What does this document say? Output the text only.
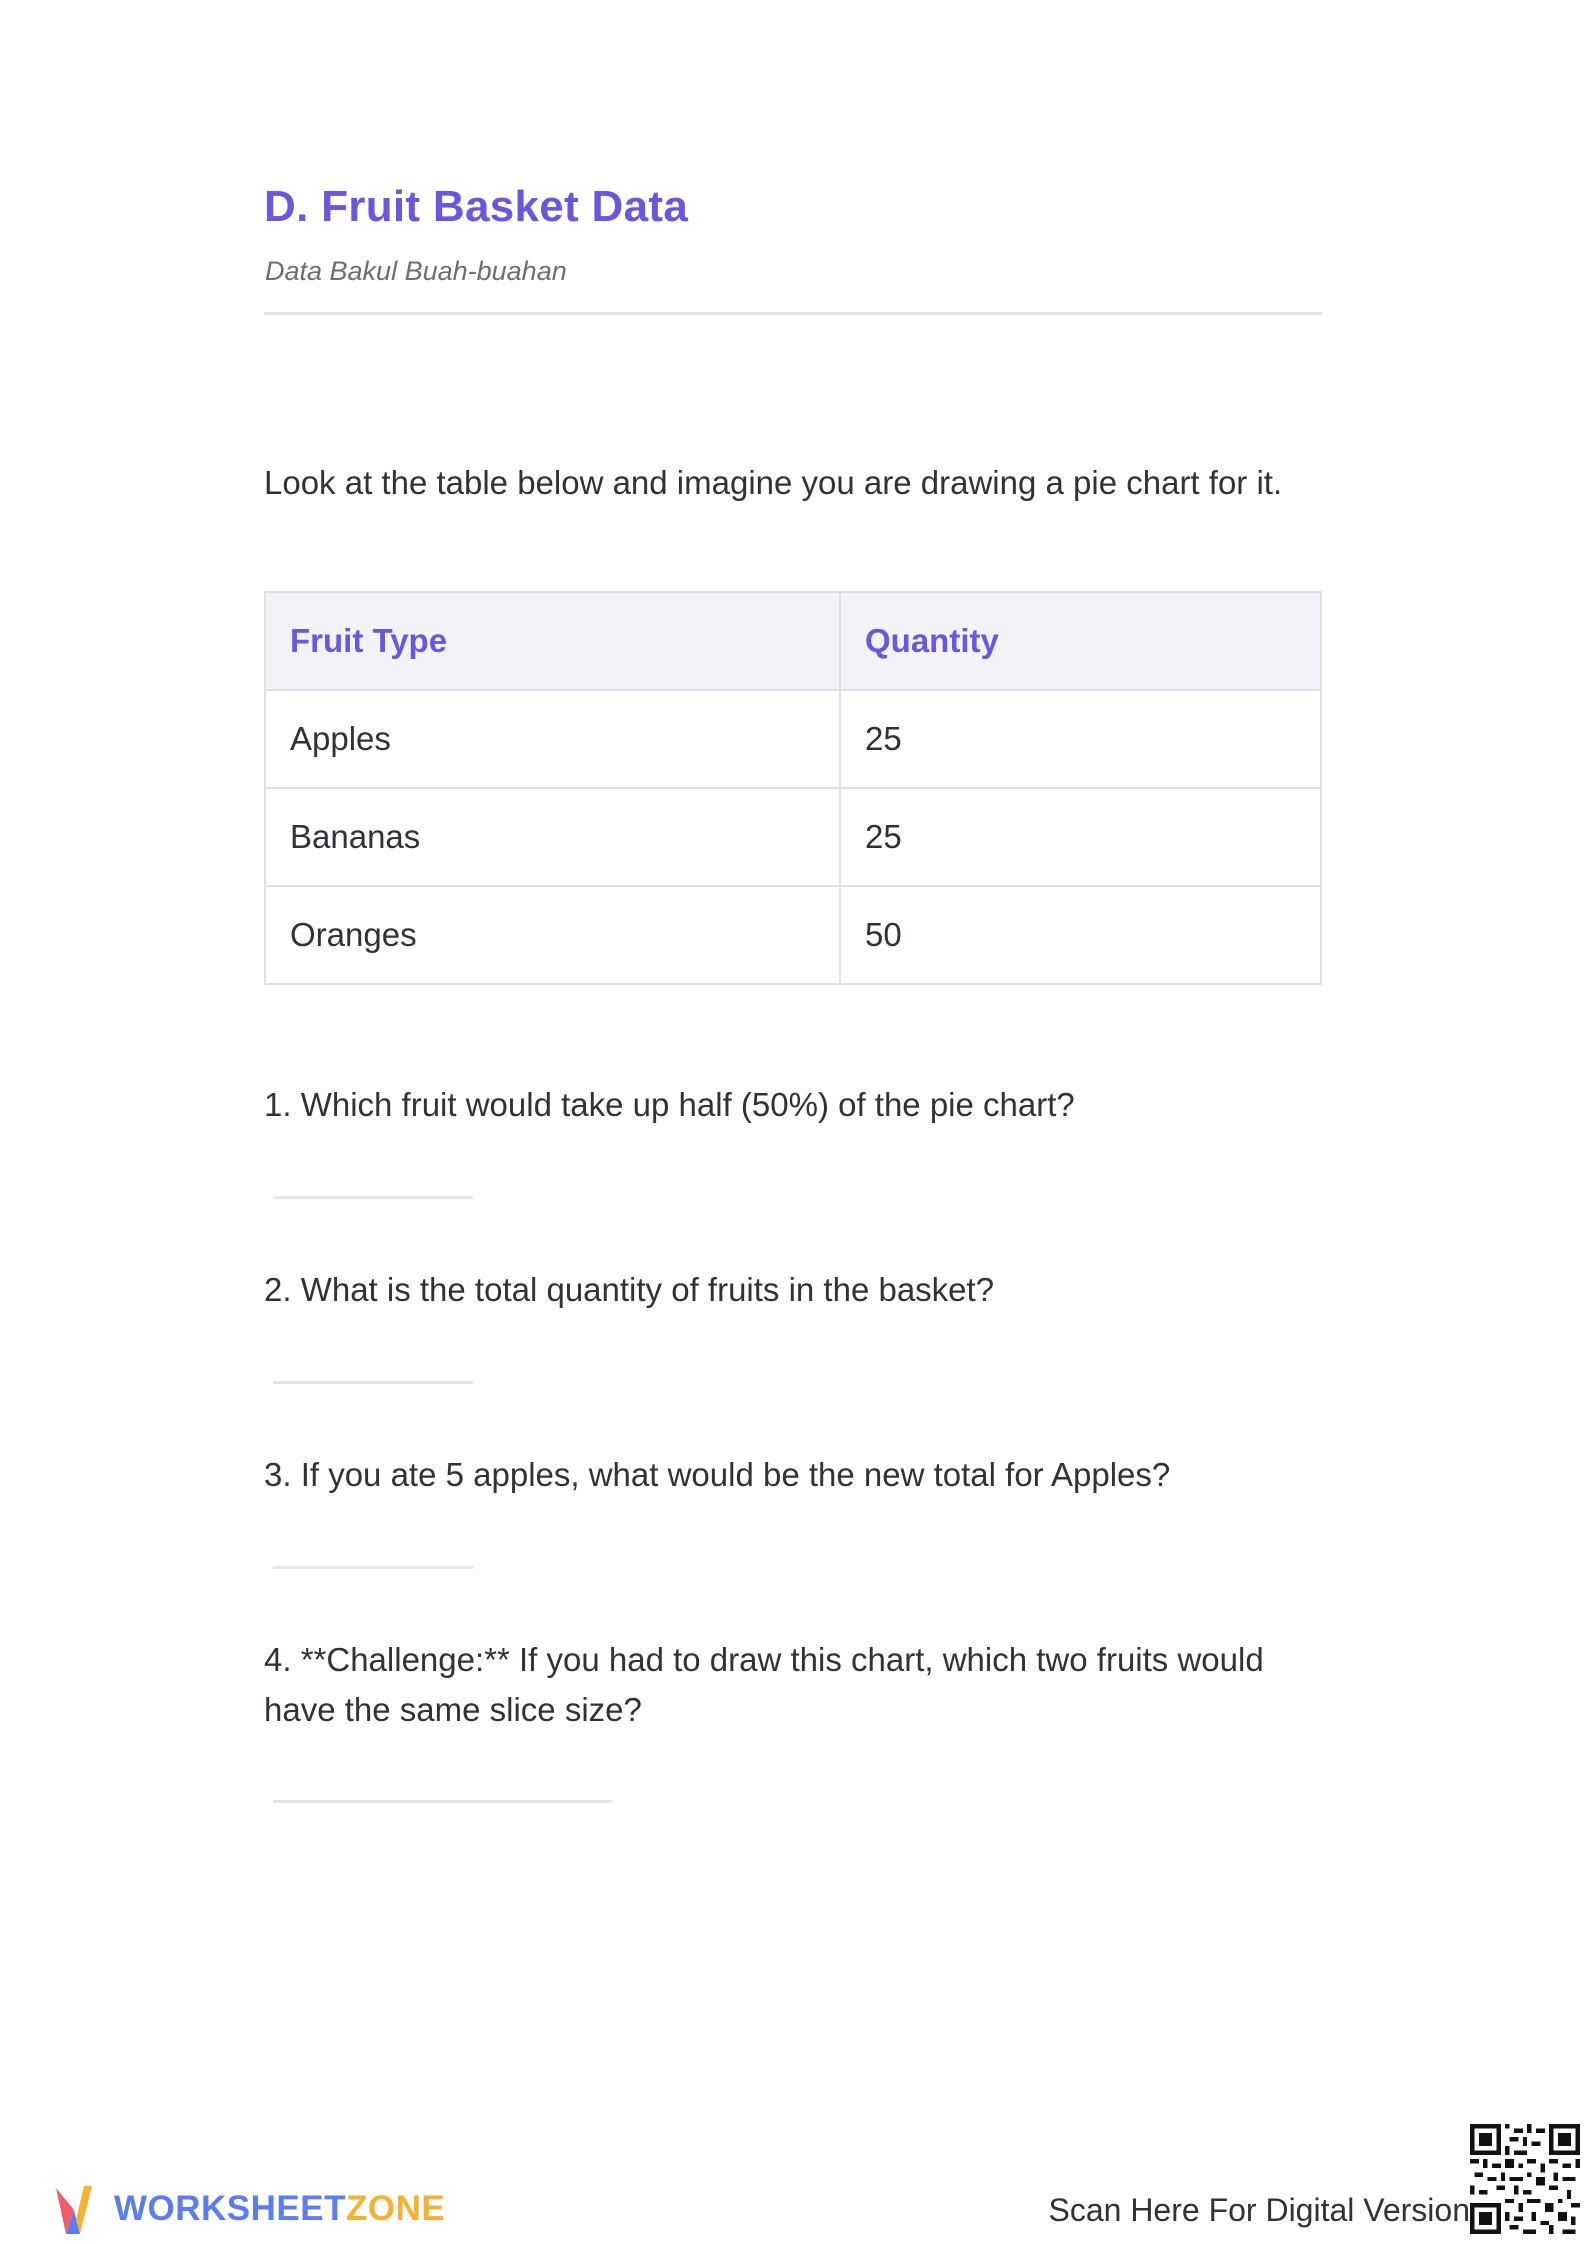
D. Fruit Basket Data
Data Bakul Buah-buahan
Look at the table below and imagine you are drawing a pie chart for it.
Fruit Type	Quantity
Apples	25
Bananas	25
Oranges	50
1. Which fruit would take up half (50%) of the pie chart?
2. What is the total quantity of fruits in the basket?
3. If you ate 5 apples, what would be the new total for Apples?
4. **Challenge:** If you had to draw this chart, which two fruits would have the same slice size?
WORKSHEETZONE	Scan Here For Digital Version
